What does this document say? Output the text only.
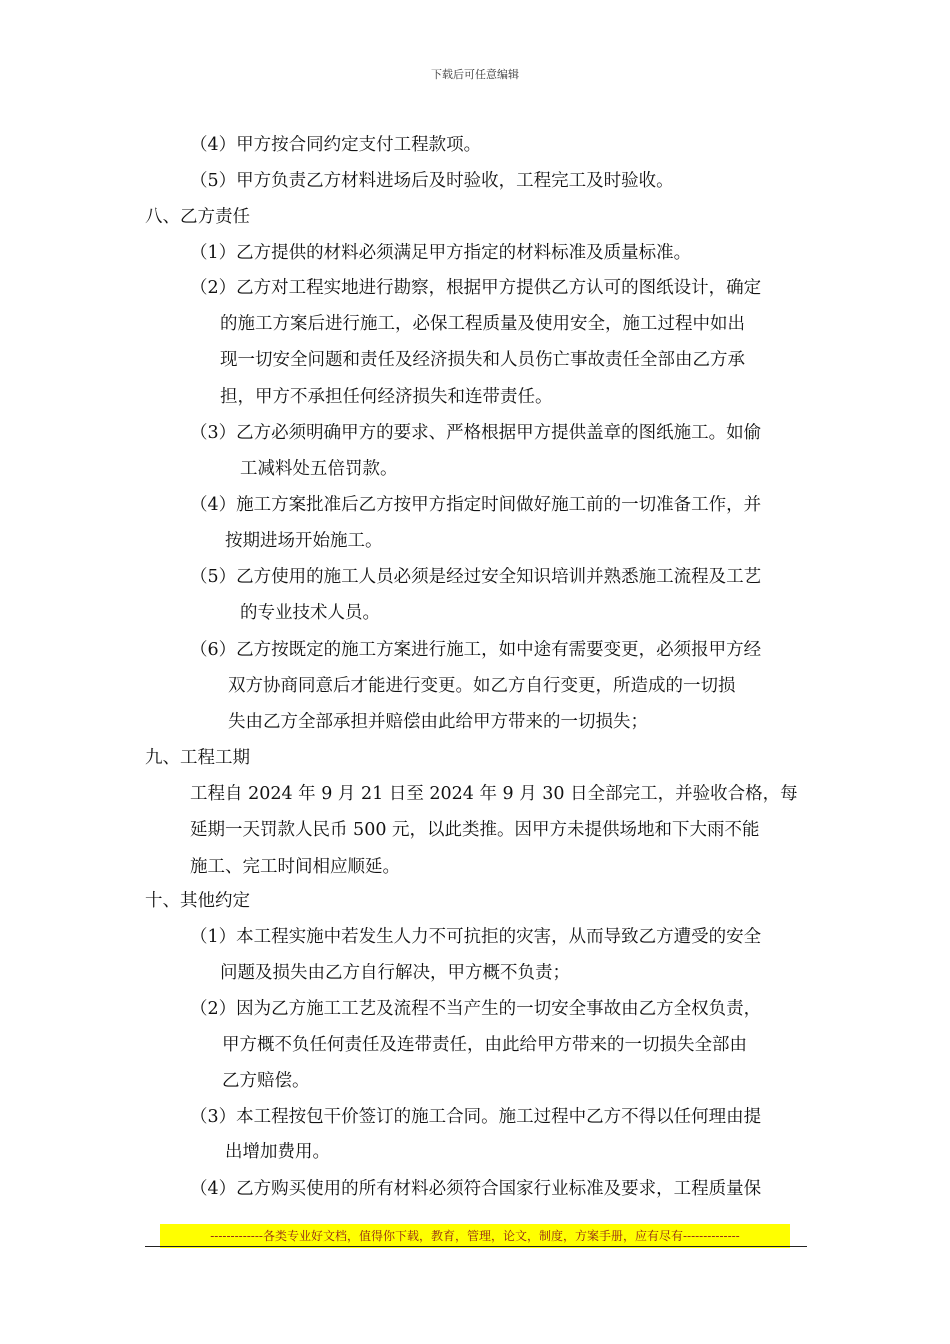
下载后可任意编辑
（4）甲方按合同约定支付工程款项。
（5）甲方负责乙方材料进场后及时验收，工程完工及时验收。
八、乙方责任
（1）乙方提供的材料必须满足甲方指定的材料标准及质量标准。
（2）乙方对工程实地进行勘察，根据甲方提供乙方认可的图纸设计，确定
的施工方案后进行施工，必保工程质量及使用安全，施工过程中如出
现一切安全问题和责任及经济损失和人员伤亡事故责任全部由乙方承
担，甲方不承担任何经济损失和连带责任。
（3）乙方必须明确甲方的要求、严格根据甲方提供盖章的图纸施工。如偷
工减料处五倍罚款。
（4）施工方案批准后乙方按甲方指定时间做好施工前的一切准备工作，并
按期进场开始施工。
（5）乙方使用的施工人员必须是经过安全知识培训并熟悉施工流程及工艺
的专业技术人员。
（6）乙方按既定的施工方案进行施工，如中途有需要变更，必须报甲方经
双方协商同意后才能进行变更。如乙方自行变更，所造成的一切损
失由乙方全部承担并赔偿由此给甲方带来的一切损失；
九、工程工期
工程自 2024 年 9 月 21 日至 2024 年 9 月 30 日全部完工，并验收合格，每
延期一天罚款人民币 500 元，以此类推。因甲方未提供场地和下大雨不能
施工、完工时间相应顺延。
十、其他约定
（1）本工程实施中若发生人力不可抗拒的灾害，从而导致乙方遭受的安全
问题及损失由乙方自行解决，甲方概不负责；
（2）因为乙方施工工艺及流程不当产生的一切安全事故由乙方全权负责，
甲方概不负任何责任及连带责任，由此给甲方带来的一切损失全部由
乙方赔偿。
（3）本工程按包干价签订的施工合同。施工过程中乙方不得以任何理由提
出增加费用。
（4）乙方购买使用的所有材料必须符合国家行业标准及要求，工程质量保
-------------各类专业好文档，值得你下载，教育，管理，论文，制度，方案手册，应有尽有--------------
